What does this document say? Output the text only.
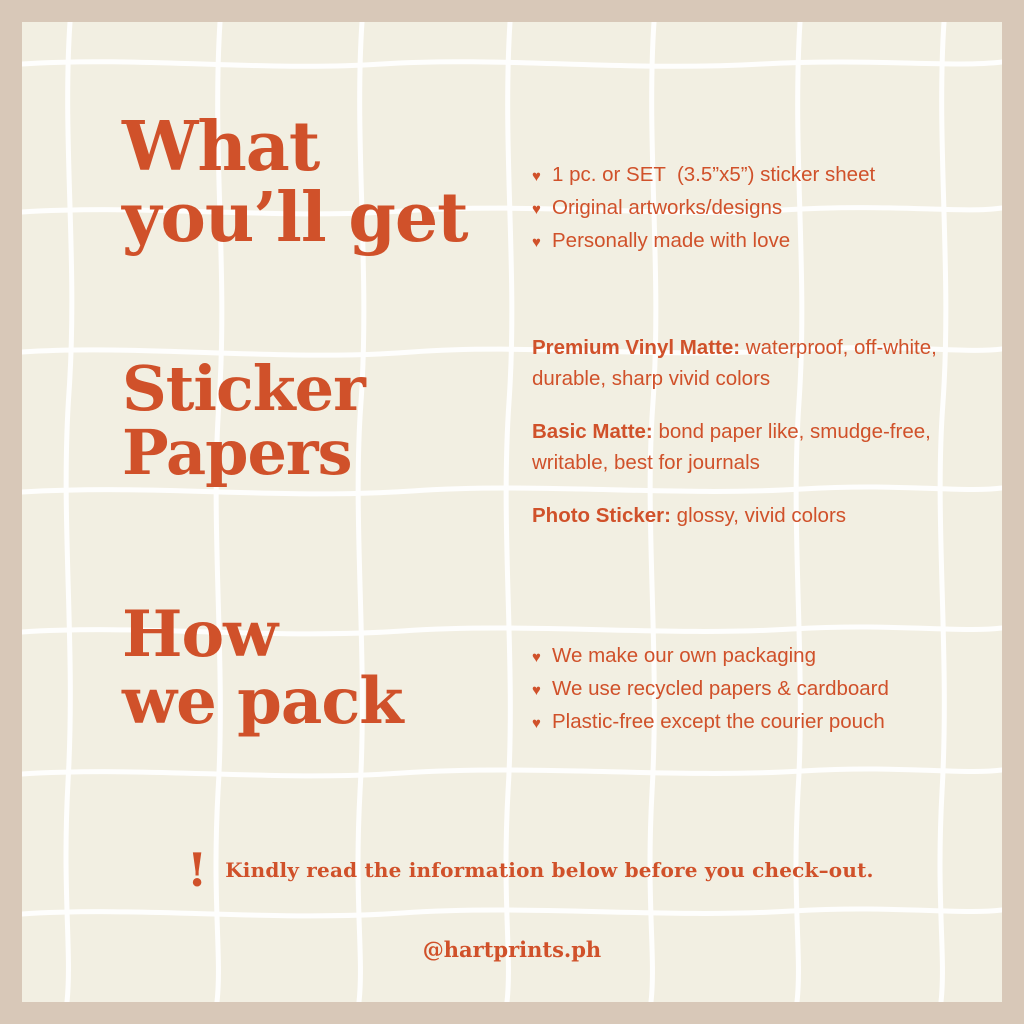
What
you’ll get
♥ 1 pc. or SET  (3.5”x5”) sticker sheet
♥ Original artworks/designs
♥ Personally made with love
Sticker
Papers
Premium Vinyl Matte: waterproof, off-white, durable, sharp vivid colors
Basic Matte: bond paper like, smudge-free, writable, best for journals
Photo Sticker: glossy, vivid colors
How
we pack
♥ We make our own packaging
♥ We use recycled papers & cardboard
♥ Plastic-free except the courier pouch
! Kindly read the information below before you check–out.
@hartprints.ph
